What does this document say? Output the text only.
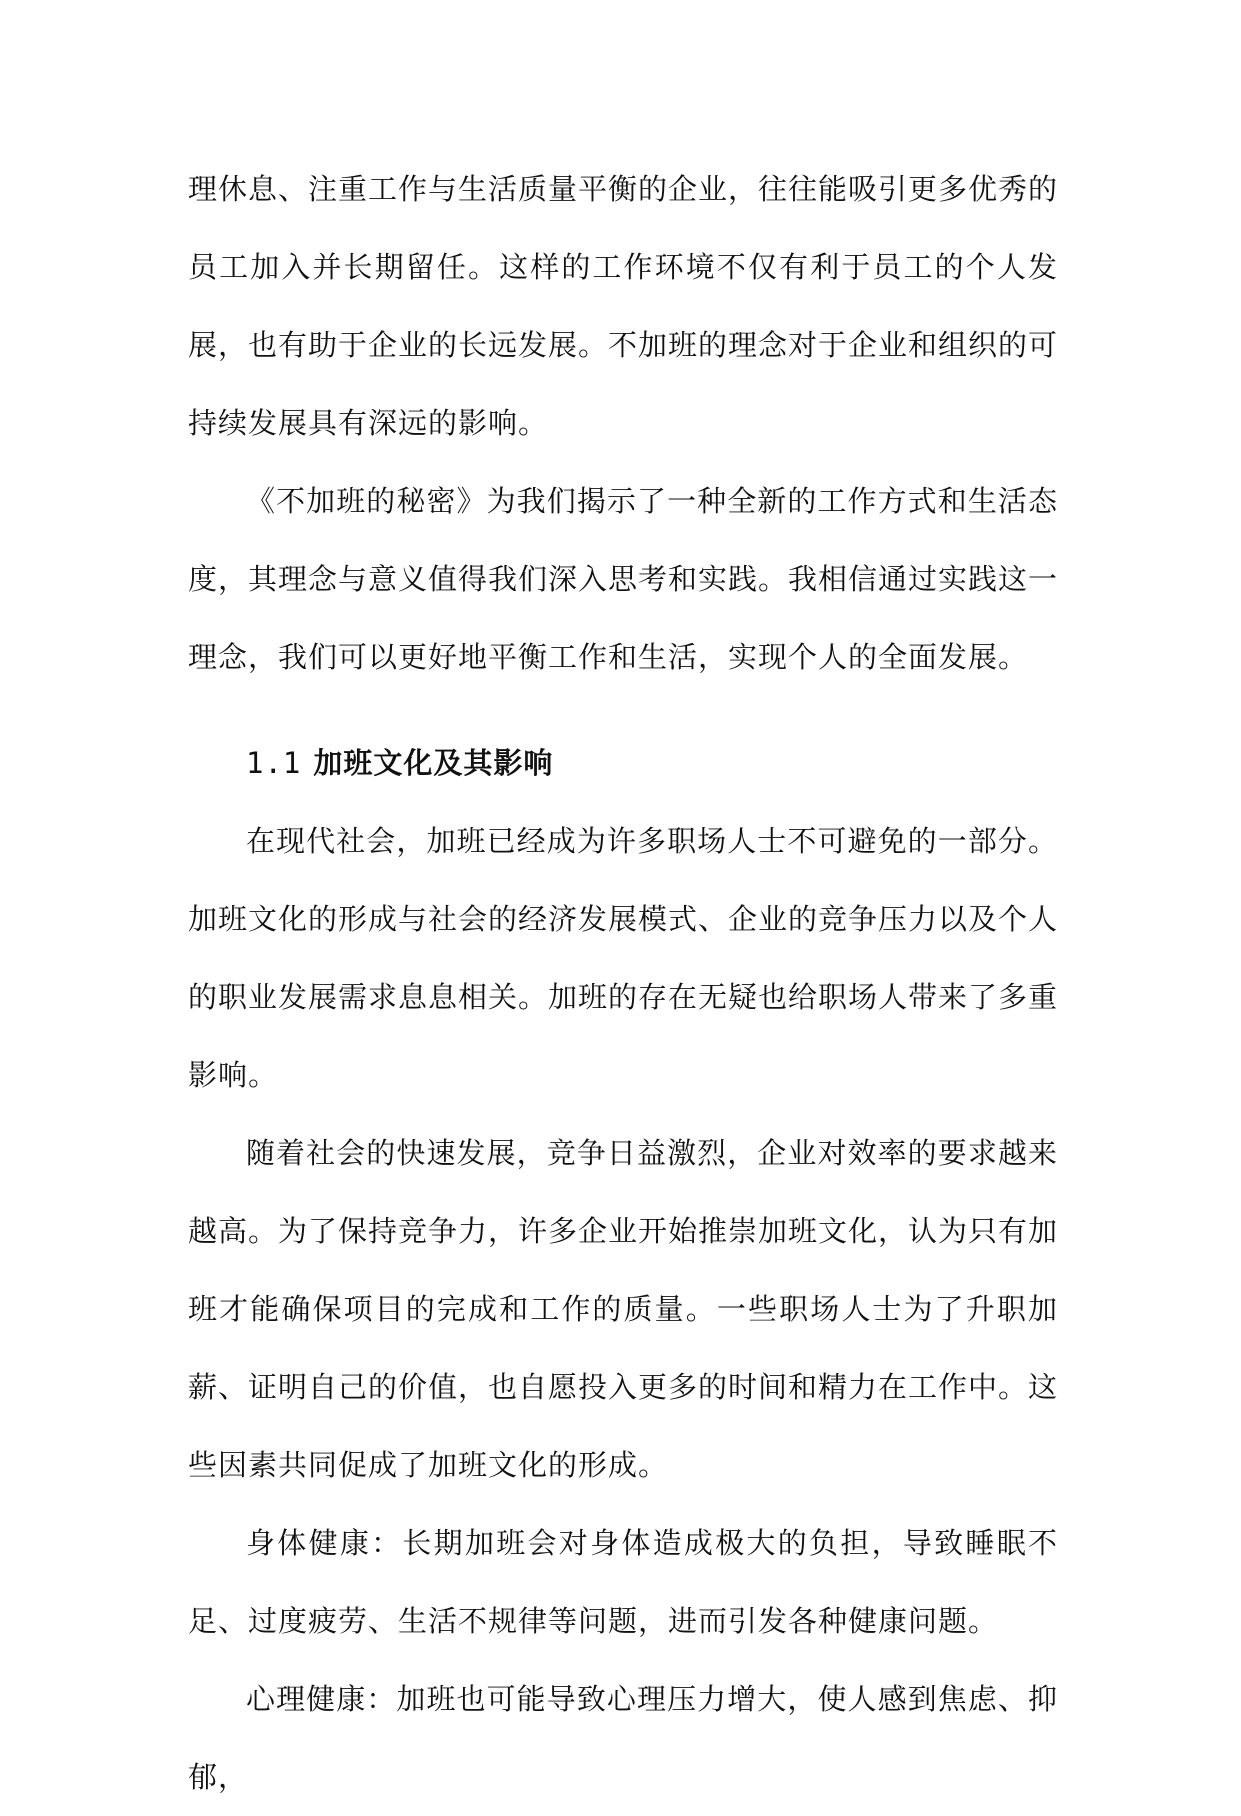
理休息、注重工作与生活质量平衡的企业，往往能吸引更多优秀的员工加入并长期留任。这样的工作环境不仅有利于员工的个人发展，也有助于企业的长远发展。不加班的理念对于企业和组织的可持续发展具有深远的影响。

《不加班的秘密》为我们揭示了一种全新的工作方式和生活态度，其理念与意义值得我们深入思考和实践。我相信通过实践这一理念，我们可以更好地平衡工作和生活，实现个人的全面发展。

1.1 加班文化及其影响

在现代社会，加班已经成为许多职场人士不可避免的一部分。加班文化的形成与社会的经济发展模式、企业的竞争压力以及个人的职业发展需求息息相关。加班的存在无疑也给职场人带来了多重影响。

随着社会的快速发展，竞争日益激烈，企业对效率的要求越来越高。为了保持竞争力，许多企业开始推崇加班文化，认为只有加班才能确保项目的完成和工作的质量。一些职场人士为了升职加薪、证明自己的价值，也自愿投入更多的时间和精力在工作中。这些因素共同促成了加班文化的形成。

身体健康：长期加班会对身体造成极大的负担，导致睡眠不足、过度疲劳、生活不规律等问题，进而引发各种健康问题。

心理健康：加班也可能导致心理压力增大，使人感到焦虑、抑郁，
